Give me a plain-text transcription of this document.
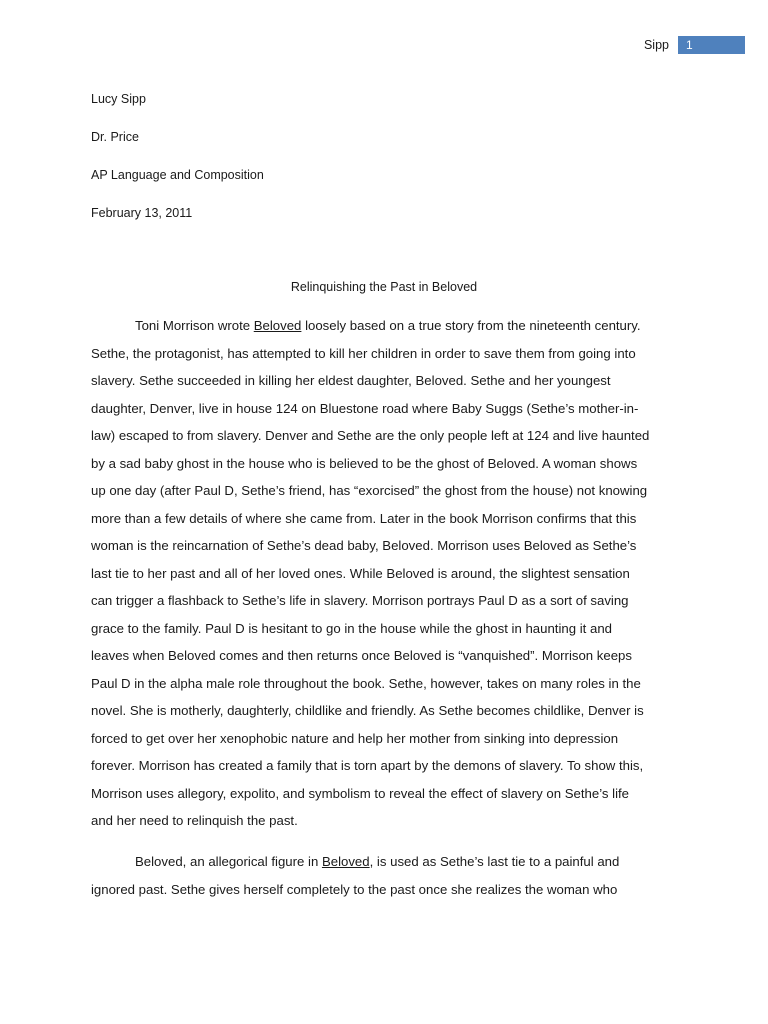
Sipp	1
Lucy Sipp
Dr. Price
AP Language and Composition
February 13, 2011
Relinquishing the Past in Beloved
Toni Morrison wrote Beloved loosely based on a true story from the nineteenth century.
Sethe, the protagonist, has attempted to kill her children in order to save them from going into
slavery. Sethe succeeded in killing her eldest daughter, Beloved. Sethe and her youngest
daughter, Denver, live in house 124 on Bluestone road where Baby Suggs (Sethe’s mother-in-
law) escaped to from slavery. Denver and Sethe are the only people left at 124 and live haunted
by a sad baby ghost in the house who is believed to be the ghost of Beloved. A woman shows
up one day (after Paul D, Sethe’s friend, has “exorcised” the ghost from the house) not knowing
more than a few details of where she came from. Later in the book Morrison confirms that this
woman is the reincarnation of Sethe’s dead baby, Beloved. Morrison uses Beloved as Sethe’s
last tie to her past and all of her loved ones. While Beloved is around, the slightest sensation
can trigger a flashback to Sethe’s life in slavery. Morrison portrays Paul D as a sort of saving
grace to the family. Paul D is hesitant to go in the house while the ghost in haunting it and
leaves when Beloved comes and then returns once Beloved is “vanquished”. Morrison keeps
Paul D in the alpha male role throughout the book. Sethe, however, takes on many roles in the
novel. She is motherly, daughterly, childlike and friendly. As Sethe becomes childlike, Denver is
forced to get over her xenophobic nature and help her mother from sinking into depression
forever. Morrison has created a family that is torn apart by the demons of slavery. To show this,
Morrison uses allegory, expolito, and symbolism to reveal the effect of slavery on Sethe’s life
and her need to relinquish the past.
Beloved, an allegorical figure in Beloved, is used as Sethe’s last tie to a painful and
ignored past. Sethe gives herself completely to the past once she realizes the woman who
